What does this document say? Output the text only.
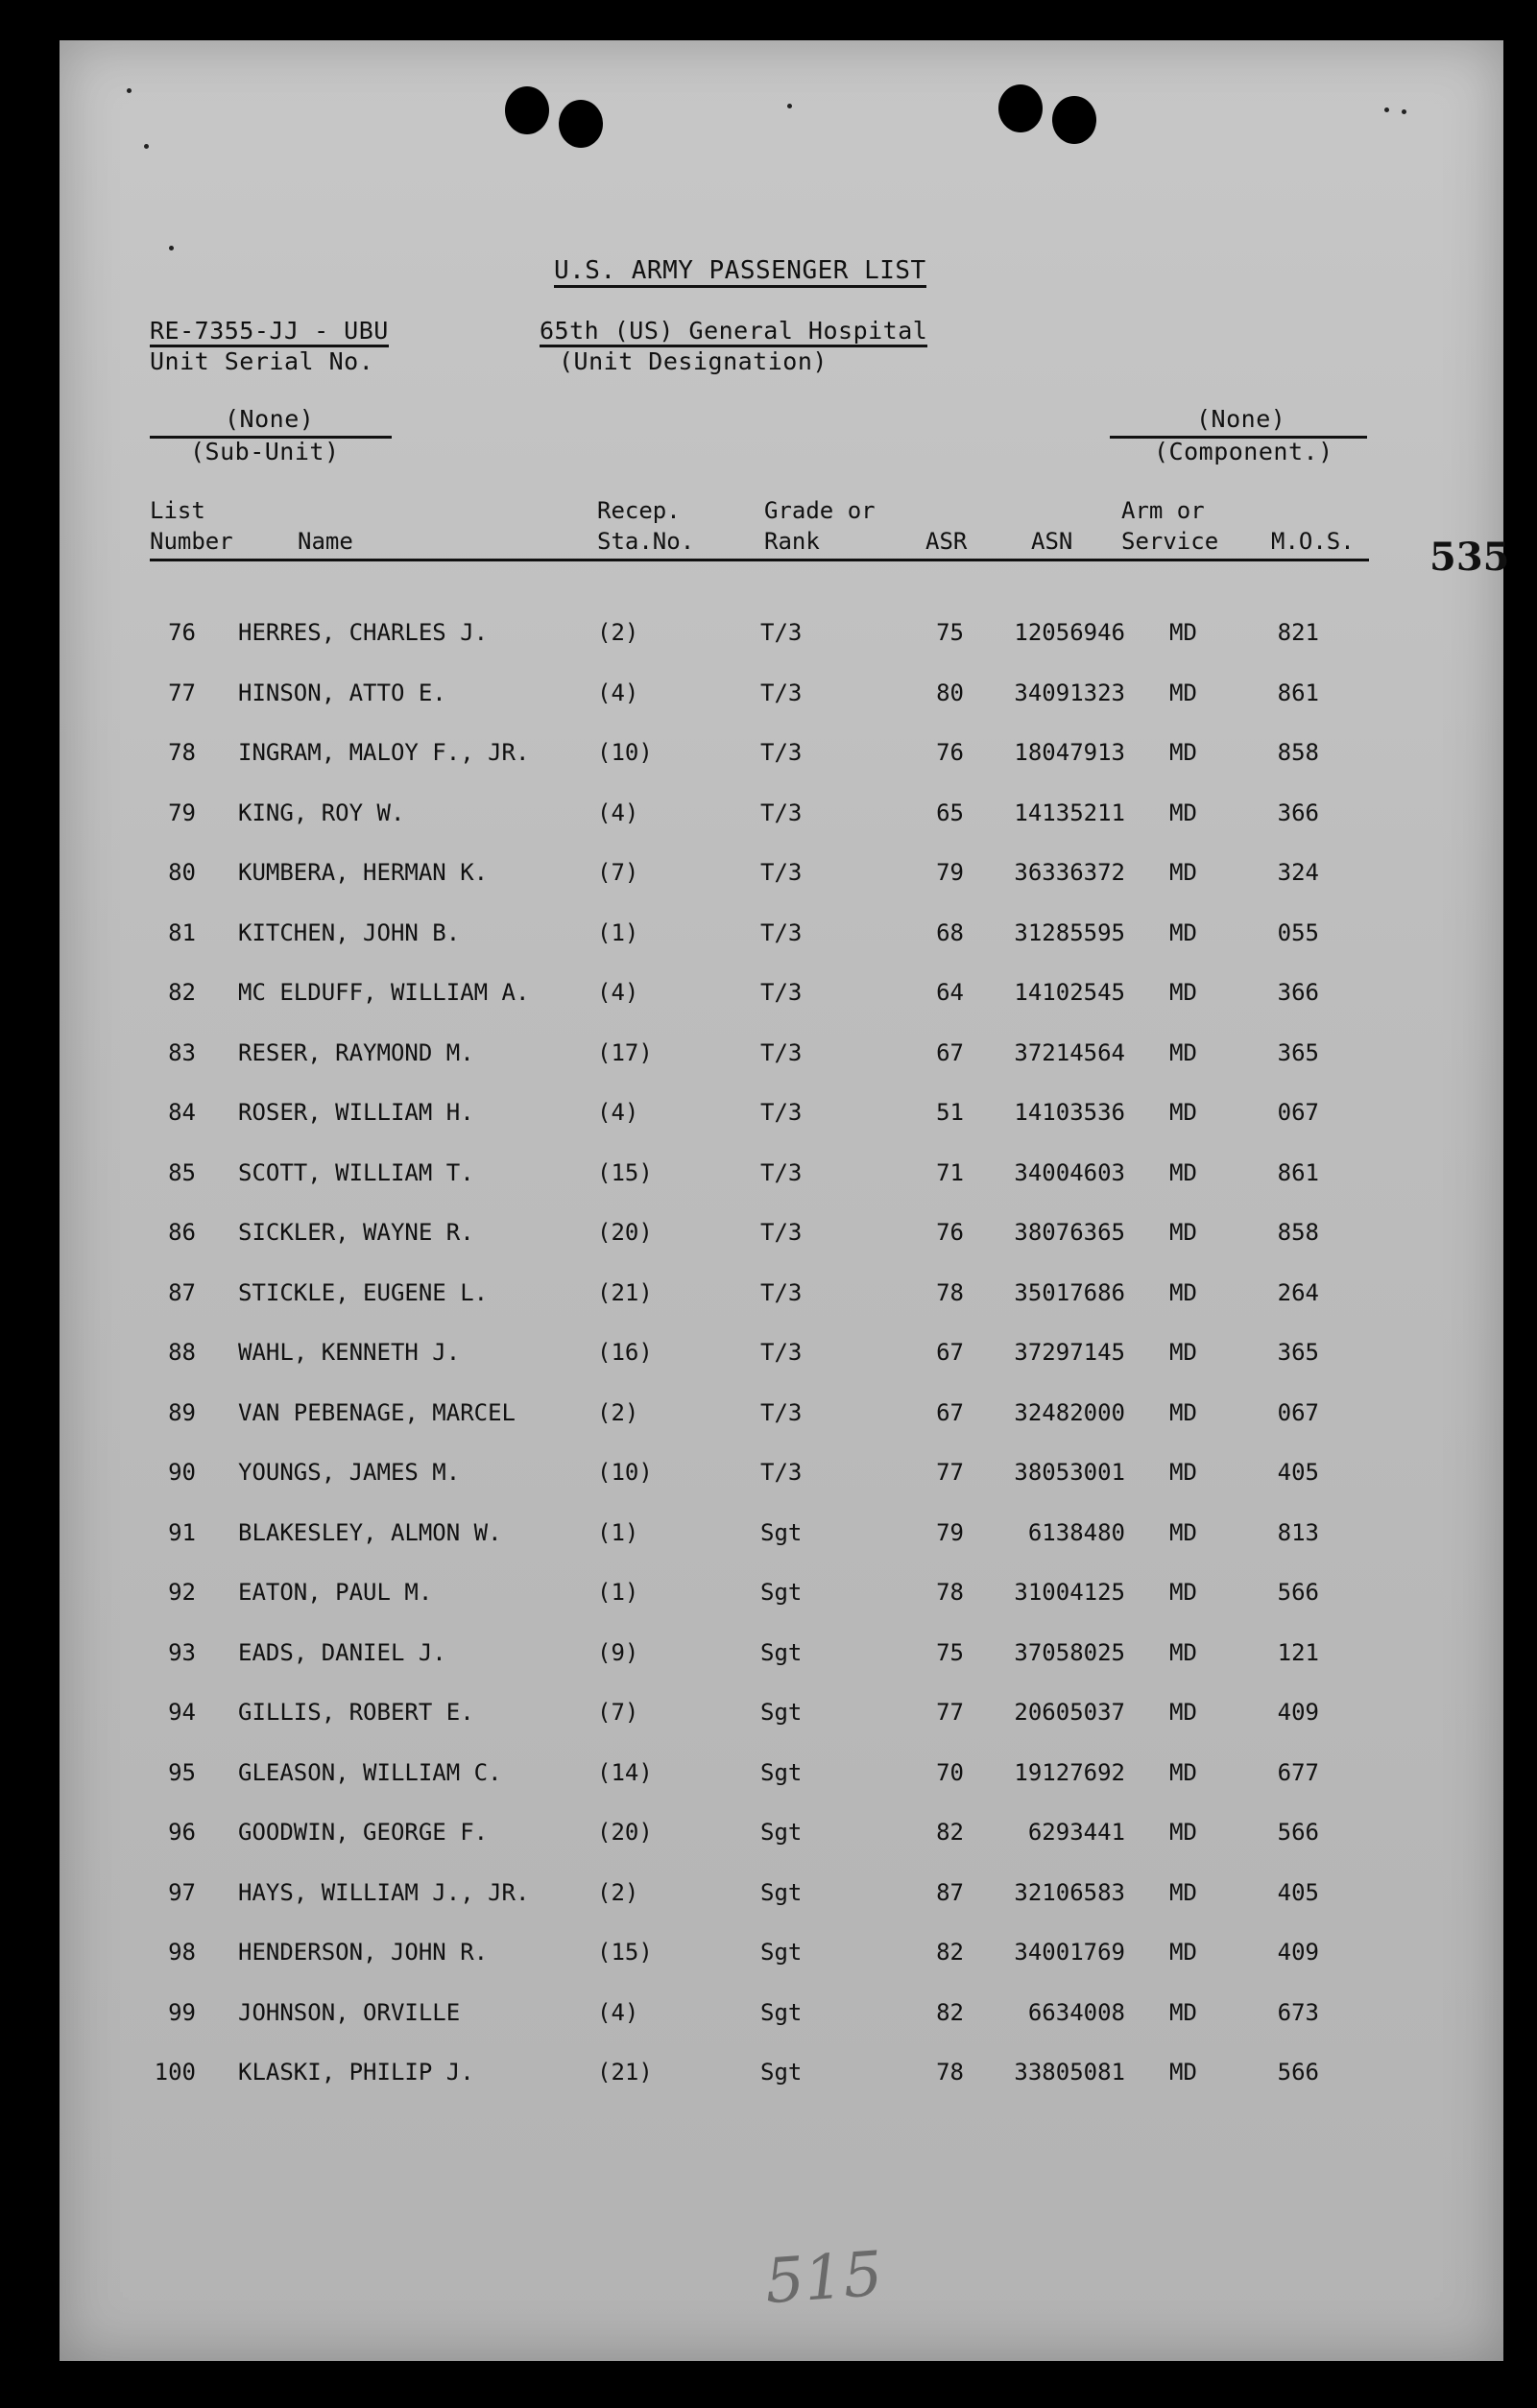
U.S. ARMY PASSENGER LIST
RE-7355-JJ - UBU
Unit Serial No.
65th (US) General Hospital
(Unit Designation)
(None)
(Sub-Unit)
(None)
(Component.)
535
List
Number	Name
Recep.
Sta.No.
Grade or
Rank	ASR	ASN
Arm or
Service M.O.S.
76 HERRES, CHARLES J.	(2)	T/3	75	12056946 MD	821
77 HINSON, ATTO E.	(4)	T/3	80	34091323 MD	861
78 INGRAM, MALOY F., JR.	(10)	T/3	76	18047913 MD	858
79 KING, ROY W.	(4)	T/3	65	14135211 MD	366
80 KUMBERA, HERMAN K.	(7)	T/3	79	36336372 MD	324
81 KITCHEN, JOHN B.	(1)	T/3	68	31285595 MD	055
82 MC ELDUFF, WILLIAM A.	(4)	T/3	64	14102545 MD	366
83 RESER, RAYMOND M.	(17)	T/3	67	37214564 MD	365
84 ROSER, WILLIAM H.	(4)	T/3	51	14103536 MD	067
85 SCOTT, WILLIAM T.	(15)	T/3	71	34004603 MD	861
86 SICKLER, WAYNE R.	(20)	T/3	76	38076365 MD	858
87 STICKLE, EUGENE L.	(21)	T/3	78	35017686 MD	264
88 WAHL, KENNETH J.	(16)	T/3	67	37297145 MD	365
89 VAN PEBENAGE, MARCEL	(2)	T/3	67	32482000 MD	067
90 YOUNGS, JAMES M.	(10)	T/3	77	38053001 MD	405
91 BLAKESLEY, ALMON W.	(1)	Sgt	79	6138480 MD	813
92 EATON, PAUL M.	(1)	Sgt	78	31004125 MD	566
93 EADS, DANIEL J.	(9)	Sgt	75	37058025 MD	121
94 GILLIS, ROBERT E.	(7)	Sgt	77	20605037 MD	409
95 GLEASON, WILLIAM C.	(14)	Sgt	70	19127692 MD	677
96 GOODWIN, GEORGE F.	(20)	Sgt	82	6293441 MD	566
97 HAYS, WILLIAM J., JR.	(2)	Sgt	87	32106583 MD	405
98 HENDERSON, JOHN R.	(15)	Sgt	82	34001769 MD	409
99 JOHNSON, ORVILLE	(4)	Sgt	82	6634008 MD	673
100 KLASKI, PHILIP J.	(21)	Sgt	78	33805081 MD	566
515
